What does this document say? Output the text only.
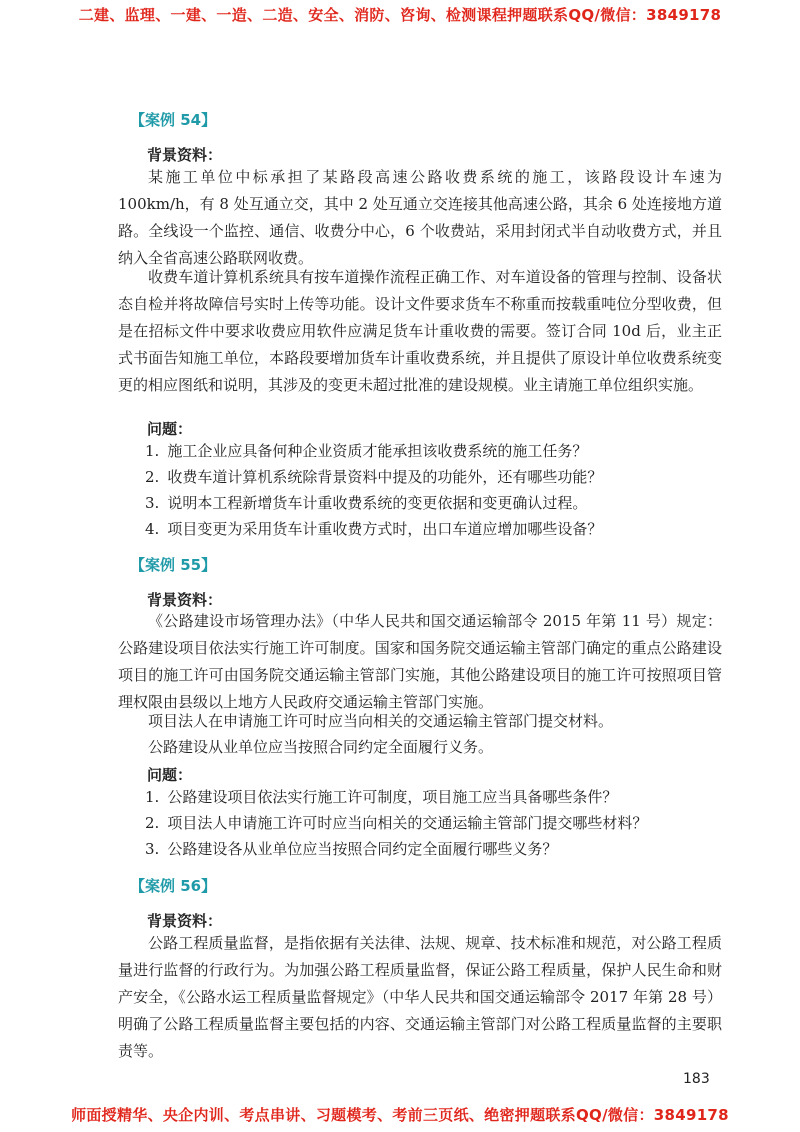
二建、监理、一建、一造、二造、安全、消防、咨询、检测课程押题联系QQ/微信：3849178
【案例 54】
背景资料：

某施工单位中标承担了某路段高速公路收费系统的施工，该路段设计车速为100km/h，有 8 处互通立交，其中 2 处互通立交连接其他高速公路，其余 6 处连接地方道路。全线设一个监控、通信、收费分中心，6 个收费站，采用封闭式半自动收费方式，并且纳入全省高速公路联网收费。

收费车道计算机系统具有按车道操作流程正确工作、对车道设备的管理与控制、设备状态自检并将故障信号实时上传等功能。设计文件要求货车不称重而按载重吨位分型收费，但是在招标文件中要求收费应用软件应满足货车计重收费的需要。签订合同 10d 后，业主正式书面告知施工单位，本路段要增加货车计重收费系统，并且提供了原设计单位收费系统变更的相应图纸和说明，其涉及的变更未超过批准的建设规模。业主请施工单位组织实施。

问题：

1. 施工企业应具备何种企业资质才能承担该收费系统的施工任务？

2. 收费车道计算机系统除背景资料中提及的功能外，还有哪些功能？

3. 说明本工程新增货车计重收费系统的变更依据和变更确认过程。

4. 项目变更为采用货车计重收费方式时，出口车道应增加哪些设备？

【案例 55】
背景资料：

《公路建设市场管理办法》（中华人民共和国交通运输部令 2015 年第 11 号）规定：公路建设项目依法实行施工许可制度。国家和国务院交通运输主管部门确定的重点公路建设项目的施工许可由国务院交通运输主管部门实施，其他公路建设项目的施工许可按照项目管理权限由县级以上地方人民政府交通运输主管部门实施。

项目法人在申请施工许可时应当向相关的交通运输主管部门提交材料。

公路建设从业单位应当按照合同约定全面履行义务。

问题：

1. 公路建设项目依法实行施工许可制度，项目施工应当具备哪些条件？

2. 项目法人申请施工许可时应当向相关的交通运输主管部门提交哪些材料？

3. 公路建设各从业单位应当按照合同约定全面履行哪些义务？

【案例 56】
背景资料：

公路工程质量监督，是指依据有关法律、法规、规章、技术标准和规范，对公路工程质量进行监督的行政行为。为加强公路工程质量监督，保证公路工程质量，保护人民生命和财产安全，《公路水运工程质量监督规定》（中华人民共和国交通运输部令 2017 年第 28 号）明确了公路工程质量监督主要包括的内容、交通运输主管部门对公路工程质量监督的主要职责等。

183
师面授精华、央企内训、考点串讲、习题模考、考前三页纸、绝密押题联系QQ/微信：3849178
